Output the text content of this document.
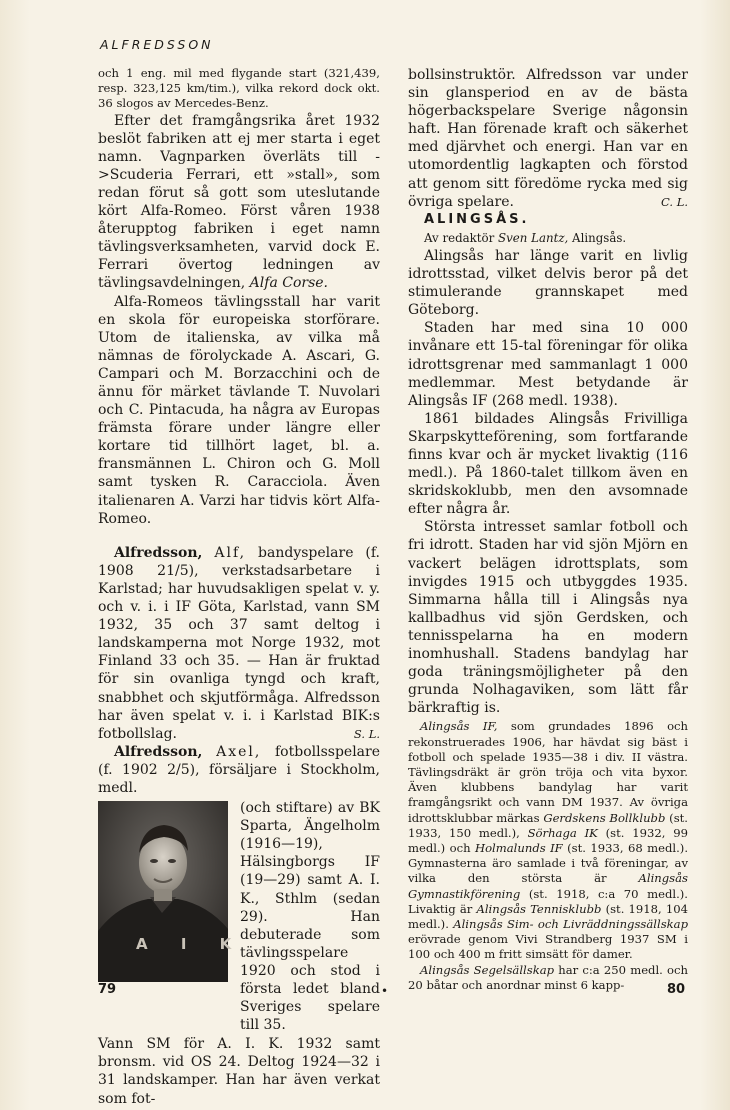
ALFREDSSON

och 1 eng. mil med flygande start (321,439, resp. 323,125 km/tim.), vilka rekord dock okt. 36 slogos av Mercedes-Benz.

Efter det framgångsrika året 1932 beslöt fabriken att ej mer starta i eget namn. Vagnparken överläts till ->Scuderia Ferrari, ett »stall», som redan förut så gott som uteslutande kört Alfa-Romeo. Först våren 1938 återupptog fabriken i eget namn tävlingsverksamheten, varvid dock E. Ferrari övertog ledningen av tävlingsavdelningen, Alfa Corse.

Alfa-Romeos tävlingsstall har varit en skola för europeiska storförare. Utom de italienska, av vilka må nämnas de förolyckade A. Ascari, G. Campari och M. Borzacchini och de ännu för märket tävlande T. Nuvolari och C. Pintacuda, ha några av Europas främsta förare under längre eller kortare tid tillhört laget, bl. a. fransmännen L. Chiron och G. Moll samt tysken R. Caracciola. Även italienaren A. Varzi har tidvis kört Alfa-Romeo.

Alfredsson, Alf, bandyspelare (f. 1908 21/5), verkstadsarbetare i Karlstad; har huvudsakligen spelat v. y. och v. i. i IF Göta, Karlstad, vann SM 1932, 35 och 37 samt deltog i landskamperna mot Norge 1932, mot Finland 33 och 35. — Han är fruktad för sin ovanliga tyngd och kraft, snabbhet och skjutförmåga. Alfredsson har även spelat v. i. i Karlstad BIK:s fotbollslag.	S. L.

Alfredsson, Axel, fotbollsspelare (f. 1902 2/5), försäljare i Stockholm, medl.

A I K

(och stiftare) av BK Sparta, Ängelholm (1916—19), Hälsingborgs IF (19—29) samt A. I. K., Sthlm (sedan 29). Han debuterade som tävlingsspelare 1920 och stod i första ledet bland Sveriges spelare till 35.

Vann SM för A. I. K. 1932 samt bronsm. vid OS 24. Deltog 1924—32 i 31 landskamper. Han har även verkat som fot-

bollsinstruktör. Alfredsson var under sin glansperiod en av de bästa högerbackspelare Sverige någonsin haft. Han förenade kraft och säkerhet med djärvhet och energi. Han var en utomordentlig lagkapten och förstod att genom sitt föredöme rycka med sig övriga spelare.	C. L.

ALINGSÅS.

Av redaktör Sven Lantz, Alingsås.

Alingsås har länge varit en livlig idrottsstad, vilket delvis beror på det stimulerande grannskapet med Göteborg.

Staden har med sina 10 000 invånare ett 15-tal föreningar för olika idrottsgrenar med sammanlagt 1 000 medlemmar. Mest betydande är Alingsås IF (268 medl. 1938).

1861 bildades Alingsås Frivilliga Skarpskytteförening, som fortfarande finns kvar och är mycket livaktig (116 medl.). På 1860-talet tillkom även en skridskoklubb, men den avsomnade efter några år.

Största intresset samlar fotboll och fri idrott. Staden har vid sjön Mjörn en vackert belägen idrottsplats, som invigdes 1915 och utbyggdes 1935. Simmarna hålla till i Alingsås nya kallbadhus vid sjön Gerdsken, och tennisspelarna ha en modern inomhushall. Stadens bandylag har goda träningsmöjligheter på den grunda Nolhagaviken, som lätt får bärkraftig is.

Alingsås IF, som grundades 1896 och rekonstruerades 1906, har hävdat sig bäst i fotboll och spelade 1935—38 i div. II västra. Tävlingsdräkt är grön tröja och vita byxor. Även klubbens bandylag har varit framgångsrikt och vann DM 1937. Av övriga idrottsklubbar märkas Gerdskens Bollklubb (st. 1933, 150 medl.), Sörhaga IK (st. 1932, 99 medl.) och Holmalunds IF (st. 1933, 68 medl.). Gymnasterna äro samlade i två föreningar, av vilka den största är	Alingsås Gymnastikförening (st. 1918, c:a 70 medl.). Livaktig är Alingsås Tennisklubb (st. 1918, 104 medl.). Alingsås Sim- och Livräddningssällskap erövrade genom Vivi Strandberg 1937 SM i 100 och 400 m fritt simsätt för damer.

Alingsås Segelsällskap har c:a 250 medl. och 20 båtar och anordnar minst 6 kapp-

79	•	80
